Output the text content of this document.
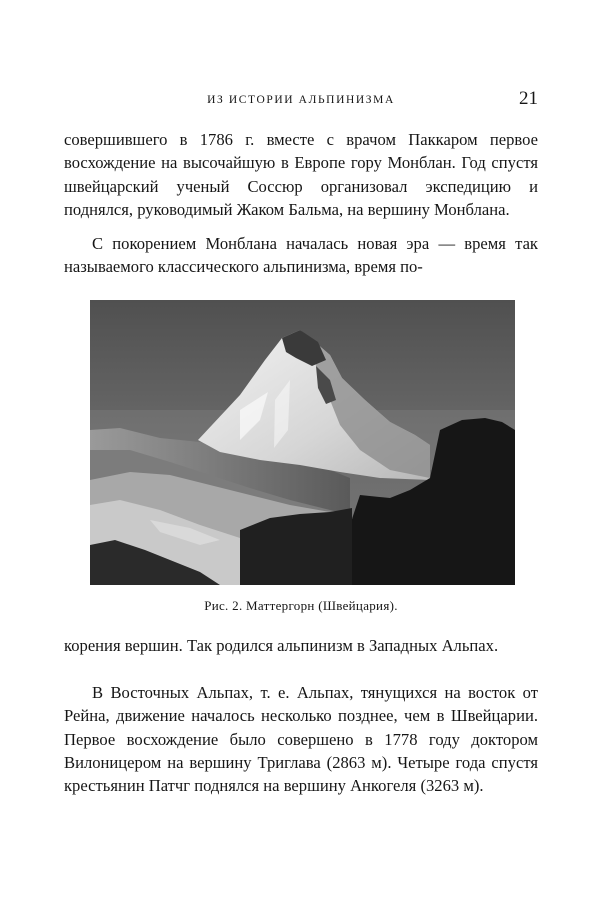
ИЗ ИСТОРИИ АЛЬПИНИЗМА	21

совершившего в 1786 г. вместе с врачом Паккаром первое восхождение на высочайшую в Европе гору Монблан. Год спустя швейцарский ученый Соссюр организовал экспедицию и поднялся, руководимый Жаком Бальма, на вершину Монблана.

С покорением Монблана началась новая эра — время так называемого классического альпинизма, время по-

Рис. 2. Маттергорн (Швейцария).

корения вершин. Так родился альпинизм в Западных Альпах.

В Восточных Альпах, т. е. Альпах, тянущихся на восток от Рейна, движение началось несколько позднее, чем в Швейцарии. Первое восхождение было совершено в 1778 году доктором Вилоницером на вершину Триглава (2863 м). Четыре года спустя крестьянин Патчг поднялся на вершину Анкогеля (3263 м).
